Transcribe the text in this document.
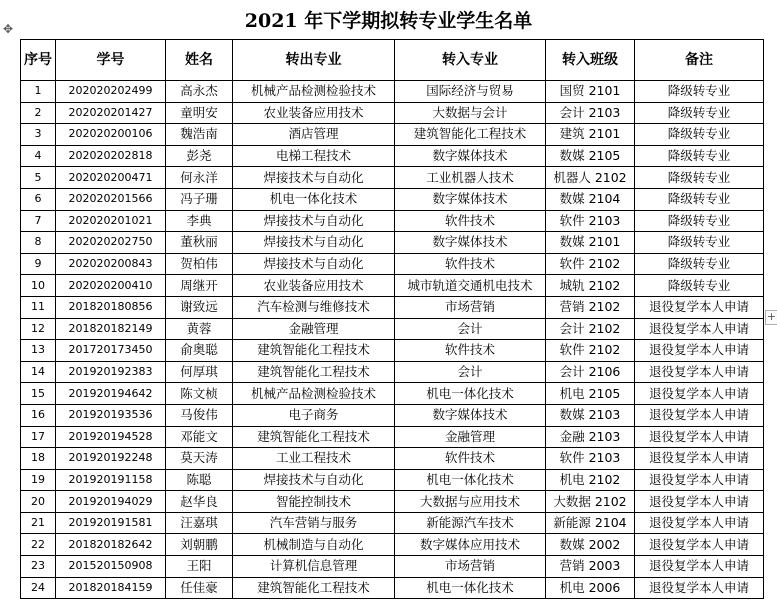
✥
+
2021 年下学期拟转专业学生名单
序号	学号	姓名	转出专业	转入专业	转入班级	备注
1	202020202499	高永杰	机械产品检测检验技术	国际经济与贸易	国贸 2101	降级转专业
2	202020201427	童明安	农业装备应用技术	大数据与会计	会计 2103	降级转专业
3	202020200106	魏浩南	酒店管理	建筑智能化工程技术	建筑 2101	降级转专业
4	202020202818	彭尧	电梯工程技术	数字媒体技术	数媒 2105	降级转专业
5	202020200471	何永洋	焊接技术与自动化	工业机器人技术	机器人 2102	降级转专业
6	202020201566	冯子珊	机电一体化技术	数字媒体技术	数媒 2104	降级转专业
7	202020201021	李典	焊接技术与自动化	软件技术	软件 2103	降级转专业
8	202020202750	董秋丽	焊接技术与自动化	数字媒体技术	数媒 2101	降级转专业
9	202020200843	贺柏伟	焊接技术与自动化	软件技术	软件 2102	降级转专业
10	202020200410	周继开	农业装备应用技术	城市轨道交通机电技术	城轨 2102	降级转专业
11	201820180856	谢致远	汽车检测与维修技术	市场营销	营销 2102	退役复学本人申请
12	201820182149	黄蓉	金融管理	会计	会计 2102	退役复学本人申请
13	201720173450	俞奥聪	建筑智能化工程技术	软件技术	软件 2102	退役复学本人申请
14	201920192383	何厚琪	建筑智能化工程技术	会计	会计 2106	退役复学本人申请
15	201920194642	陈文桢	机械产品检测检验技术	机电一体化技术	机电 2105	退役复学本人申请
16	201920193536	马俊伟	电子商务	数字媒体技术	数媒 2103	退役复学本人申请
17	201920194528	邓能文	建筑智能化工程技术	金融管理	金融 2103	退役复学本人申请
18	201920192248	莫天涛	工业工程技术	软件技术	软件 2103	退役复学本人申请
19	201920191158	陈聪	焊接技术与自动化	机电一体化技术	机电 2102	退役复学本人申请
20	201920194029	赵华良	智能控制技术	大数据与应用技术	大数据 2102	退役复学本人申请
21	201920191581	汪嘉琪	汽车营销与服务	新能源汽车技术	新能源 2104	退役复学本人申请
22	201820182642	刘朝鹏	机械制造与自动化	数字媒体应用技术	数媒 2002	退役复学本人申请
23	201520150908	王阳	计算机信息管理	市场营销	营销 2003	退役复学本人申请
24	201820184159	任佳豪	建筑智能化工程技术	机电一体化技术	机电 2006	退役复学本人申请
